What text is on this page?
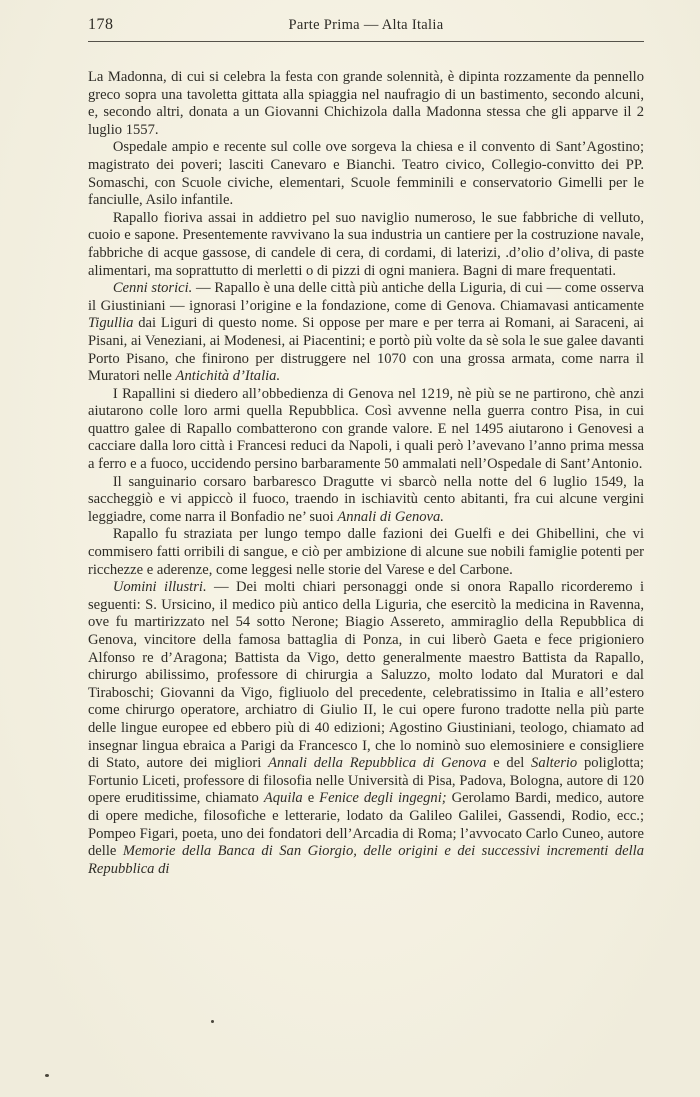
178	Parte Prima — Alta Italia

La Madonna, di cui si celebra la festa con grande solennità, è dipinta rozzamente da pennello greco sopra una tavoletta gittata alla spiaggia nel naufragio di un bastimento, secondo alcuni, e, secondo altri, donata a un Giovanni Chichizola dalla Madonna stessa che gli apparve il 2 luglio 1557.

Ospedale ampio e recente sul colle ove sorgeva la chiesa e il convento di Sant’Agostino; magistrato dei poveri; lasciti Canevaro e Bianchi. Teatro civico, Collegio-convitto dei PP. Somaschi, con Scuole civiche, elementari, Scuole femminili e conservatorio Gimelli per le fanciulle, Asilo infantile.

Rapallo fioriva assai in addietro pel suo naviglio numeroso, le sue fabbriche di velluto, cuoio e sapone. Presentemente ravvivano la sua industria un cantiere per la costruzione navale, fabbriche di acque gassose, di candele di cera, di cordami, di laterizi, .d’olio d’oliva, di paste alimentari, ma soprattutto di merletti o di pizzi di ogni maniera. Bagni di mare frequentati.

Cenni storici. — Rapallo è una delle città più antiche della Liguria, di cui — come osserva il Giustiniani — ignorasi l’origine e la fondazione, come di Genova. Chiamavasi anticamente Tigullia dai Liguri di questo nome. Si oppose per mare e per terra ai Romani, ai Saraceni, ai Pisani, ai Veneziani, ai Modenesi, ai Piacentini; e portò più volte da sè sola le sue galee davanti Porto Pisano, che finirono per distruggere nel 1070 con una grossa armata, come narra il Muratori nelle Antichità d’Italia.

I Rapallini si diedero all’obbedienza di Genova nel 1219, nè più se ne partirono, chè anzi aiutarono colle loro armi quella Repubblica. Così avvenne nella guerra contro Pisa, in cui quattro galee di Rapallo combatterono con grande valore. E nel 1495 aiutarono i Genovesi a cacciare dalla loro città i Francesi reduci da Napoli, i quali però l’avevano l’anno prima messa a ferro e a fuoco, uccidendo persino barbaramente 50 ammalati nell’Ospedale di Sant’Antonio.

Il sanguinario corsaro barbaresco Dragutte vi sbarcò nella notte del 6 luglio 1549, la saccheggiò e vi appiccò il fuoco, traendo in ischiavitù cento abitanti, fra cui alcune vergini leggiadre, come narra il Bonfadio ne’ suoi Annali di Genova.

Rapallo fu straziata per lungo tempo dalle fazioni dei Guelfi e dei Ghibellini, che vi commisero fatti orribili di sangue, e ciò per ambizione di alcune sue nobili famiglie potenti per ricchezze e aderenze, come leggesi nelle storie del Varese e del Carbone.

Uomini illustri. — Dei molti chiari personaggi onde si onora Rapallo ricorderemo i seguenti: S. Ursicino, il medico più antico della Liguria, che esercitò la medicina in Ravenna, ove fu martirizzato nel 54 sotto Nerone; Biagio Assereto, ammiraglio della Repubblica di Genova, vincitore della famosa battaglia di Ponza, in cui liberò Gaeta e fece prigioniero Alfonso re d’Aragona; Battista da Vigo, detto generalmente maestro Battista da Rapallo, chirurgo abilissimo, professore di chirurgia a Saluzzo, molto lodato dal Muratori e dal Tiraboschi; Giovanni da Vigo, figliuolo del precedente, celebratissimo in Italia e all’estero come chirurgo operatore, archiatro di Giulio II, le cui opere furono tradotte nella più parte delle lingue europee ed ebbero più di 40 edizioni; Agostino Giustiniani, teologo, chiamato ad insegnar lingua ebraica a Parigi da Francesco I, che lo nominò suo elemosiniere e consigliere di Stato, autore dei migliori Annali della Repubblica di Genova e del Salterio poliglotta; Fortunio Liceti, professore di filosofia nelle Università di Pisa, Padova, Bologna, autore di 120 opere eruditissime, chiamato Aquila e Fenice degli ingegni; Gerolamo Bardi, medico, autore di opere mediche, filosofiche e letterarie, lodato da Galileo Galilei, Gassendi, Rodio, ecc.; Pompeo Figari, poeta, uno dei fondatori dell’Arcadia di Roma; l’avvocato Carlo Cuneo, autore delle Memorie della Banca di San Giorgio, delle origini e dei successivi incrementi della Repubblica di
